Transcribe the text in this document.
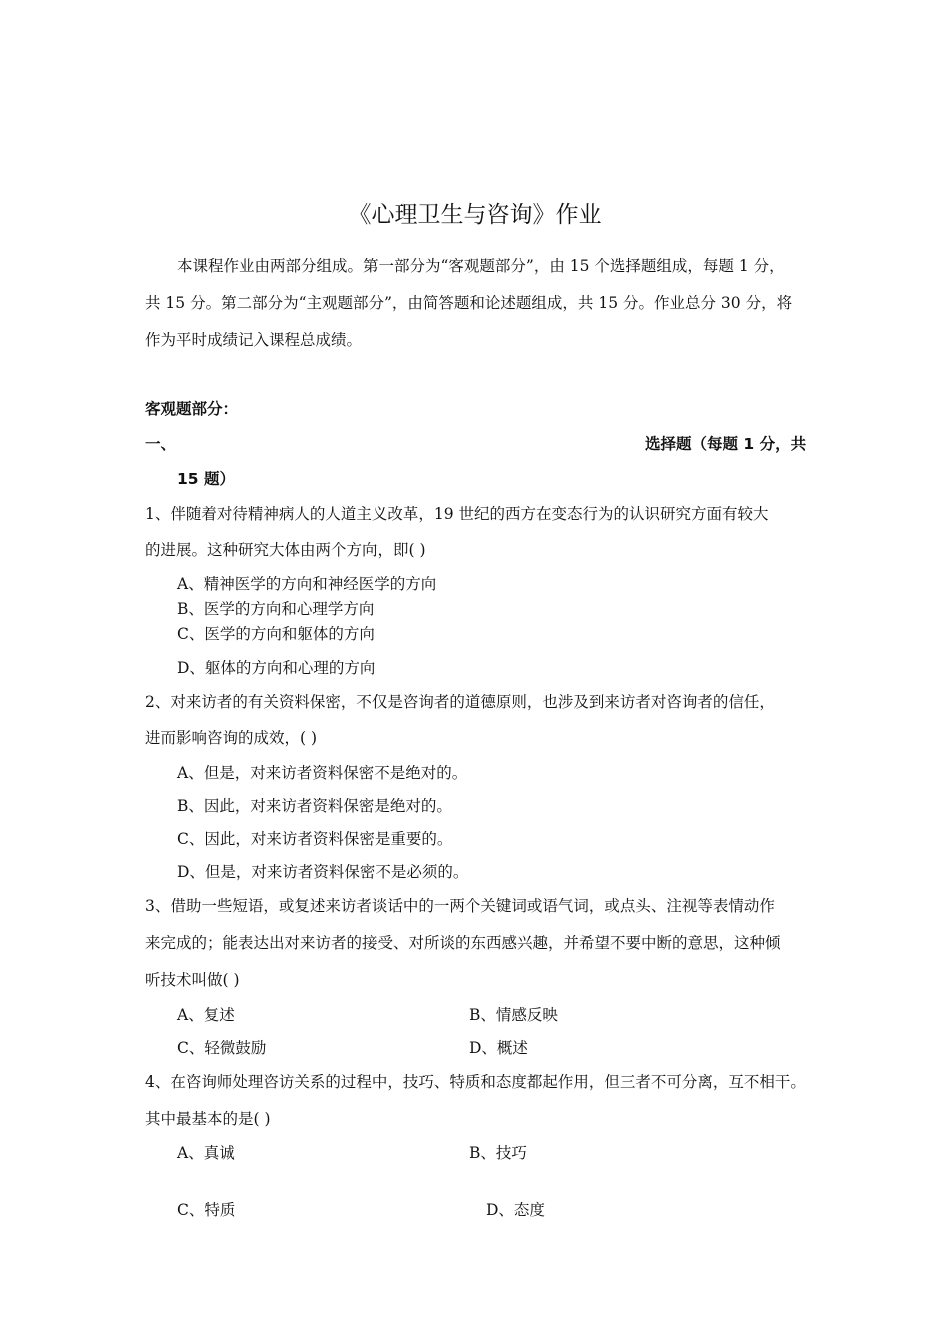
《心理卫生与咨询》作业
本课程作业由两部分组成。第一部分为“客观题部分”，由 15 个选择题组成，每题 1 分，
共 15 分。第二部分为“主观题部分”，由简答题和论述题组成，共 15 分。作业总分 30 分，将
作为平时成绩记入课程总成绩。
客观题部分：
一、	选择题（每题 1 分，共
15 题）
1、伴随着对待精神病人的人道主义改革，19 世纪的西方在变态行为的认识研究方面有较大
的进展。这种研究大体由两个方向，即( )
A、精神医学的方向和神经医学的方向
B、医学的方向和心理学方向
C、医学的方向和躯体的方向
D、躯体的方向和心理的方向
2、对来访者的有关资料保密，不仅是咨询者的道德原则，也涉及到来访者对咨询者的信任，
进而影响咨询的成效，( )
A、但是，对来访者资料保密不是绝对的。
B、因此，对来访者资料保密是绝对的。
C、因此，对来访者资料保密是重要的。
D、但是，对来访者资料保密不是必须的。
3、借助一些短语，或复述来访者谈话中的一两个关键词或语气词，或点头、注视等表情动作
来完成的；能表达出对来访者的接受、对所谈的东西感兴趣，并希望不要中断的意思，这种倾
听技术叫做( )
A、复述	B、情感反映
C、轻微鼓励	D、概述
4、在咨询师处理咨访关系的过程中，技巧、特质和态度都起作用，但三者不可分离，互不相干。
其中最基本的是( )
A、真诚	B、技巧
C、特质	D、态度
